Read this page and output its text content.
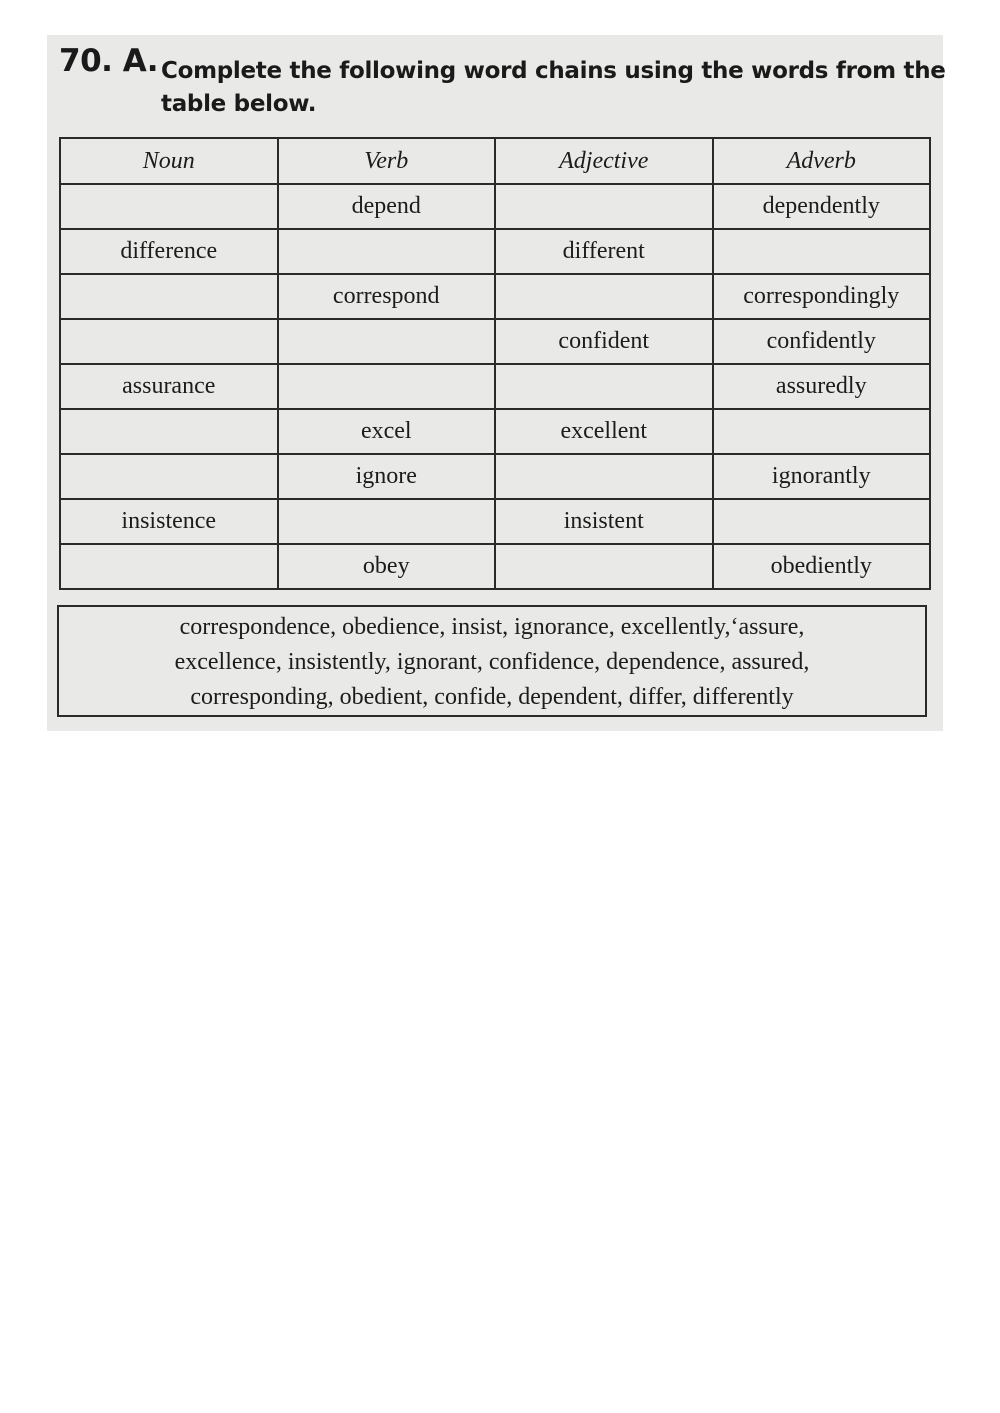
70. A. Complete the following word chains using the words from the
table below.
Noun	Verb	Adjective	Adverb
	depend		dependently
difference		different	
	correspond		correspondingly
		confident	confidently
assurance			assuredly
	excel	excellent	
	ignore		ignorantly
insistence		insistent	
	obey		obediently
correspondence, obedience, insist, ignorance, excellently,ʻassure,
excellence, insistently, ignorant, confidence, dependence, assured,
corresponding, obedient, confide, dependent, differ, differently
